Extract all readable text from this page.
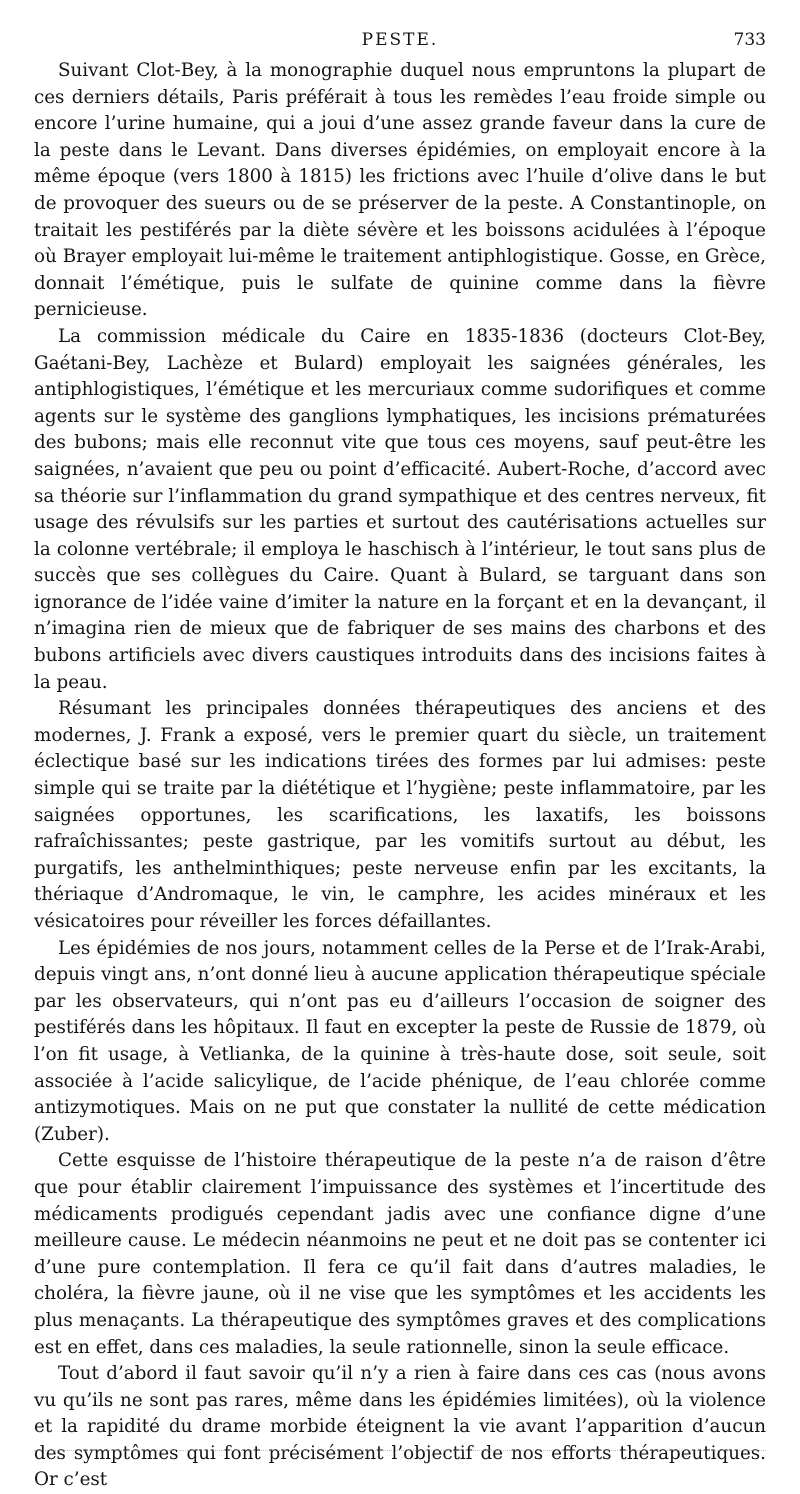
PESTE.	733

Suivant Clot-Bey, à la monographie duquel nous empruntons la plupart de ces derniers détails, Paris préférait à tous les remèdes l’eau froide simple ou encore l’urine humaine, qui a joui d’une assez grande faveur dans la cure de la peste dans le Levant. Dans diverses épidémies, on employait encore à la même époque (vers 1800 à 1815) les frictions avec l’huile d’olive dans le but de provoquer des sueurs ou de se préserver de la peste. A Constantinople, on traitait les pestiférés par la diète sévère et les boissons acidulées à l’époque où Brayer employait lui-même le traitement antiphlogistique. Gosse, en Grèce, donnait l’émétique, puis le sulfate de quinine comme dans la fièvre pernicieuse.

La commission médicale du Caire en 1835-1836 (docteurs Clot-Bey, Gaétani-Bey, Lachèze et Bulard) employait les saignées générales, les antiphlogistiques, l’émétique et les mercuriaux comme sudorifiques et comme agents sur le système des ganglions lymphatiques, les incisions prématurées des bubons; mais elle reconnut vite que tous ces moyens, sauf peut-être les saignées, n’avaient que peu ou point d’efficacité. Aubert-Roche, d’accord avec sa théorie sur l’inflammation du grand sympathique et des centres nerveux, fit usage des révulsifs sur les parties et surtout des cautérisations actuelles sur la colonne vertébrale; il employa le haschisch à l’intérieur, le tout sans plus de succès que ses collègues du Caire. Quant à Bulard, se targuant dans son ignorance de l’idée vaine d’imiter la nature en la forçant et en la devançant, il n’imagina rien de mieux que de fabriquer de ses mains des charbons et des bubons artificiels avec divers caustiques introduits dans des incisions faites à la peau.

Résumant les principales données thérapeutiques des anciens et des modernes, J. Frank a exposé, vers le premier quart du siècle, un traitement éclectique basé sur les indications tirées des formes par lui admises: peste simple qui se traite par la diététique et l’hygiène; peste inflammatoire, par les saignées opportunes, les scarifications, les laxatifs, les boissons rafraîchissantes; peste gastrique, par les vomitifs surtout au début, les purgatifs, les anthelminthiques; peste nerveuse enfin par les excitants, la thériaque d’Andromaque, le vin, le camphre, les acides minéraux et les vésicatoires pour réveiller les forces défaillantes.

Les épidémies de nos jours, notamment celles de la Perse et de l’Irak-Arabi, depuis vingt ans, n’ont donné lieu à aucune application thérapeutique spéciale par les observateurs, qui n’ont pas eu d’ailleurs l’occasion de soigner des pestiférés dans les hôpitaux. Il faut en excepter la peste de Russie de 1879, où l’on fit usage, à Vetlianka, de la quinine à très-haute dose, soit seule, soit associée à l’acide salicylique, de l’acide phénique, de l’eau chlorée comme antizymotiques. Mais on ne put que constater la nullité de cette médication (Zuber).

Cette esquisse de l’histoire thérapeutique de la peste n’a de raison d’être que pour établir clairement l’impuissance des systèmes et l’incertitude des médicaments prodigués cependant jadis avec une confiance digne d’une meilleure cause. Le médecin néanmoins ne peut et ne doit pas se contenter ici d’une pure contemplation. Il fera ce qu’il fait dans d’autres maladies, le choléra, la fièvre jaune, où il ne vise que les symptômes et les accidents les plus menaçants. La thérapeutique des symptômes graves et des complications est en effet, dans ces maladies, la seule rationnelle, sinon la seule efficace.

Tout d’abord il faut savoir qu’il n’y a rien à faire dans ces cas (nous avons vu qu’ils ne sont pas rares, même dans les épidémies limitées), où la violence et la rapidité du drame morbide éteignent la vie avant l’apparition d’aucun des symptômes qui font précisément l’objectif de nos efforts thérapeutiques. Or c’est
